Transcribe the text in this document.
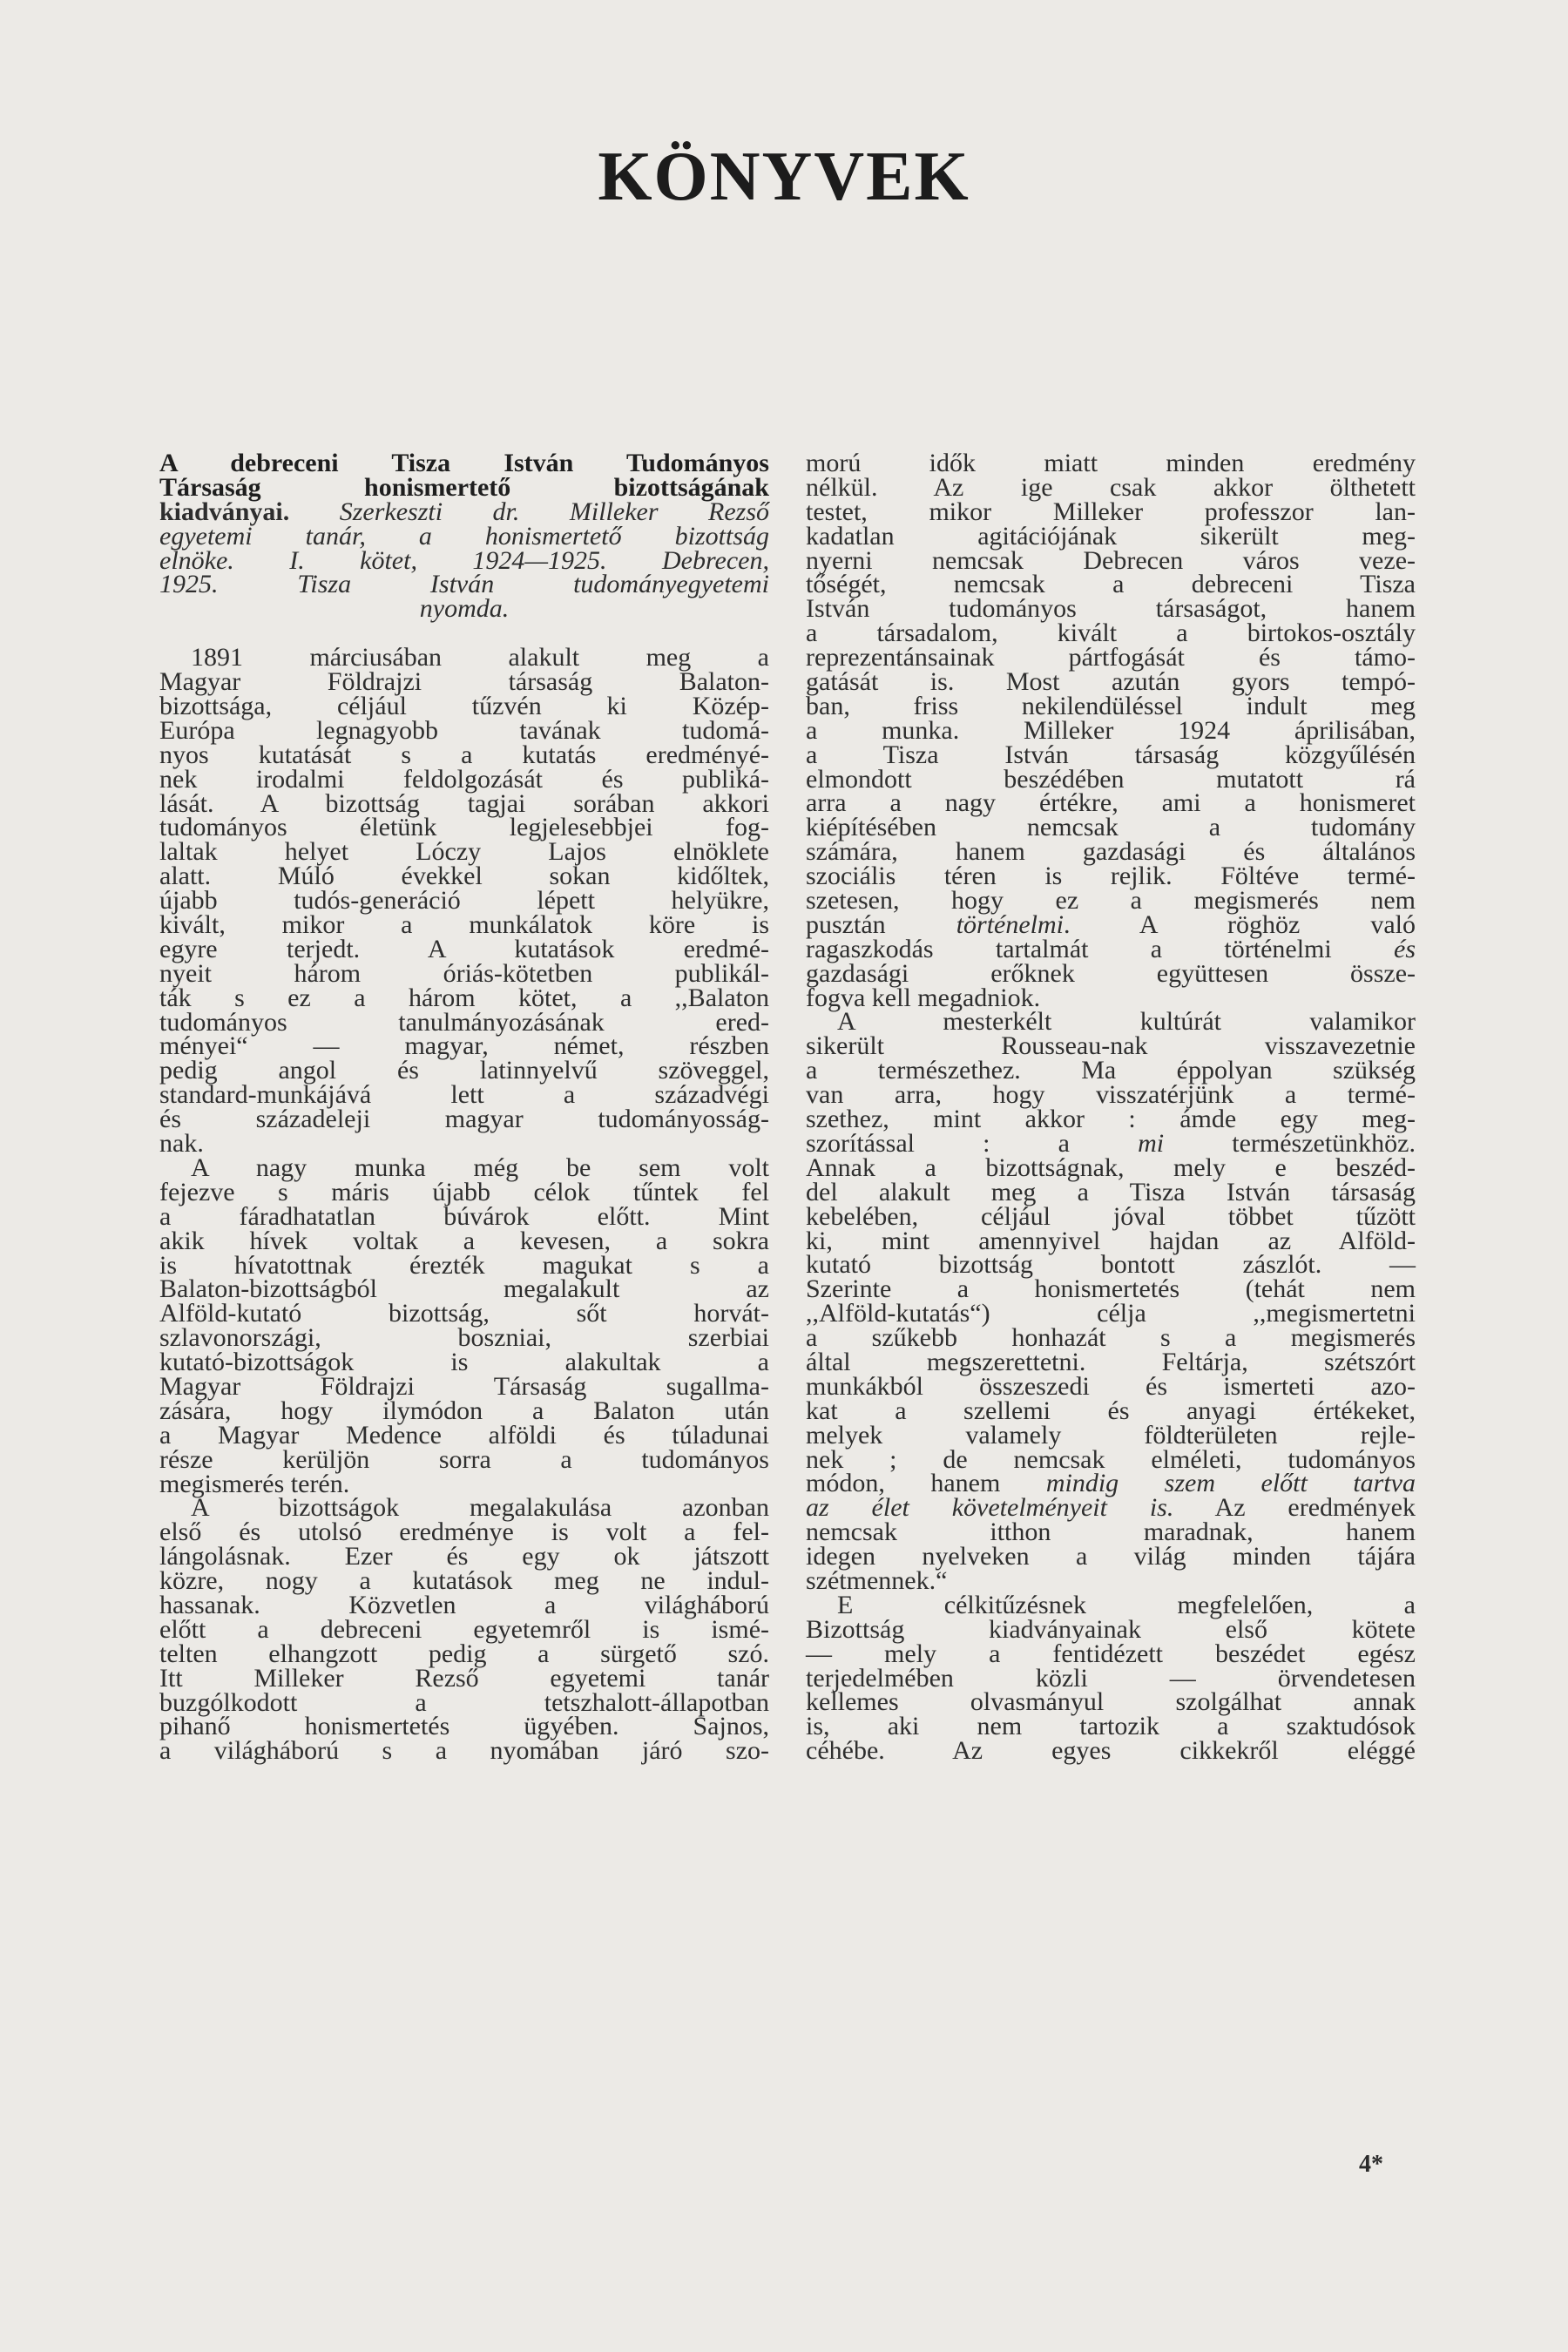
KÖNYVEK
A debreceni Tisza István Tudományos
Társaság honismertető bizottságának
kiadványai. Szerkeszti dr. Milleker Rezső
egyetemi tanár, a honismertető bizottság
elnöke. I. kötet, 1924—1925. Debrecen,
1925. Tisza István tudományegyetemi
nyomda.
1891 márciusában alakult meg a
Magyar Földrajzi társaság Balaton-
bizottsága, céljául tűzvén ki Közép-
Európa legnagyobb tavának tudomá-
nyos kutatását s a kutatás eredményé-
nek irodalmi feldolgozását és publiká-
lását. A bizottság tagjai sorában akkori
tudományos életünk legjelesebbjei fog-
laltak helyet Lóczy Lajos elnöklete
alatt. Múló évekkel sokan kidőltek,
újabb tudós-generáció lépett helyükre,
kivált, mikor a munkálatok köre is
egyre terjedt. A kutatások eredmé-
nyeit három óriás-kötetben publikál-
ták s ez a három kötet, a ,,Balaton
tudományos tanulmányozásának ered-
ményei“ — magyar, német, részben
pedig angol és latinnyelvű szöveggel,
standard-munkájává lett a századvégi
és századeleji magyar tudományosság-
nak.
A nagy munka még be sem volt
fejezve s máris újabb célok tűntek fel
a fáradhatatlan búvárok előtt. Mint
akik hívek voltak a kevesen, a sokra
is hívatottnak érezték magukat s a
Balaton-bizottságból megalakult az
Alföld-kutató bizottság, sőt horvát-
szlavonországi, boszniai, szerbiai
kutató-bizottságok is alakultak a
Magyar Földrajzi Társaság sugallma-
zására, hogy ilymódon a Balaton után
a Magyar Medence alföldi és túladunai
része kerüljön sorra a tudományos
megismerés terén.
A bizottságok megalakulása azonban
első és utolsó eredménye is volt a fel-
lángolásnak. Ezer és egy ok játszott
közre, nogy a kutatások meg ne indul-
hassanak. Közvetlen a világháború
előtt a debreceni egyetemről is ismé-
telten elhangzott pedig a sürgető szó.
Itt Milleker Rezső egyetemi tanár
buzgólkodott a tetszhalott-állapotban
pihanő honismertetés ügyében. Sajnos,
a világháború s a nyomában járó szo-
morú idők miatt minden eredmény
nélkül. Az ige csak akkor ölthetett
testet, mikor Milleker professzor lan-
kadatlan agitációjának sikerült meg-
nyerni nemcsak Debrecen város veze-
tőségét, nemcsak a debreceni Tisza
István tudományos társaságot, hanem
a társadalom, kivált a birtokos-osztály
reprezentánsainak pártfogását és támo-
gatását is. Most azután gyors tempó-
ban, friss nekilendüléssel indult meg
a munka. Milleker 1924 áprilisában,
a Tisza István társaság közgyűlésén
elmondott beszédében mutatott rá
arra a nagy értékre, ami a honismeret
kiépítésében nemcsak a tudomány
számára, hanem gazdasági és általános
szociális téren is rejlik. Föltéve termé-
szetesen, hogy ez a megismerés nem
pusztán történelmi. A röghöz való
ragaszkodás tartalmát a történelmi és
gazdasági erőknek együttesen össze-
fogva kell megadniok.
A mesterkélt kultúrát valamikor
sikerült Rousseau-nak visszavezetnie
a természethez. Ma éppolyan szükség
van arra, hogy visszatérjünk a termé-
szethez, mint akkor : ámde egy meg-
szorítással : a mi természetünkhöz.
Annak a bizottságnak, mely e beszéd-
del alakult meg a Tisza István társaság
kebelében, céljául jóval többet tűzött
ki, mint amennyivel hajdan az Alföld-
kutató bizottság bontott zászlót. —
Szerinte a honismertetés (tehát nem
,,Alföld-kutatás“) célja ,,megismertetni
a szűkebb honhazát s a megismerés
által megszerettetni. Feltárja, szétszórt
munkákból összeszedi és ismerteti azo-
kat a szellemi és anyagi értékeket,
melyek valamely földterületen rejle-
nek ; de nemcsak elméleti, tudományos
módon, hanem mindig szem előtt tartva
az élet követelményeit is. Az eredmények
nemcsak itthon maradnak, hanem
idegen nyelveken a világ minden tájára
szétmennek.“
E célkitűzésnek megfelelően, a
Bizottság kiadványainak első kötete
— mely a fentidézett beszédet egész
terjedelmében közli — örvendetesen
kellemes olvasmányul szolgálhat annak
is, aki nem tartozik a szaktudósok
céhébe. Az egyes cikkekről eléggé
4*
